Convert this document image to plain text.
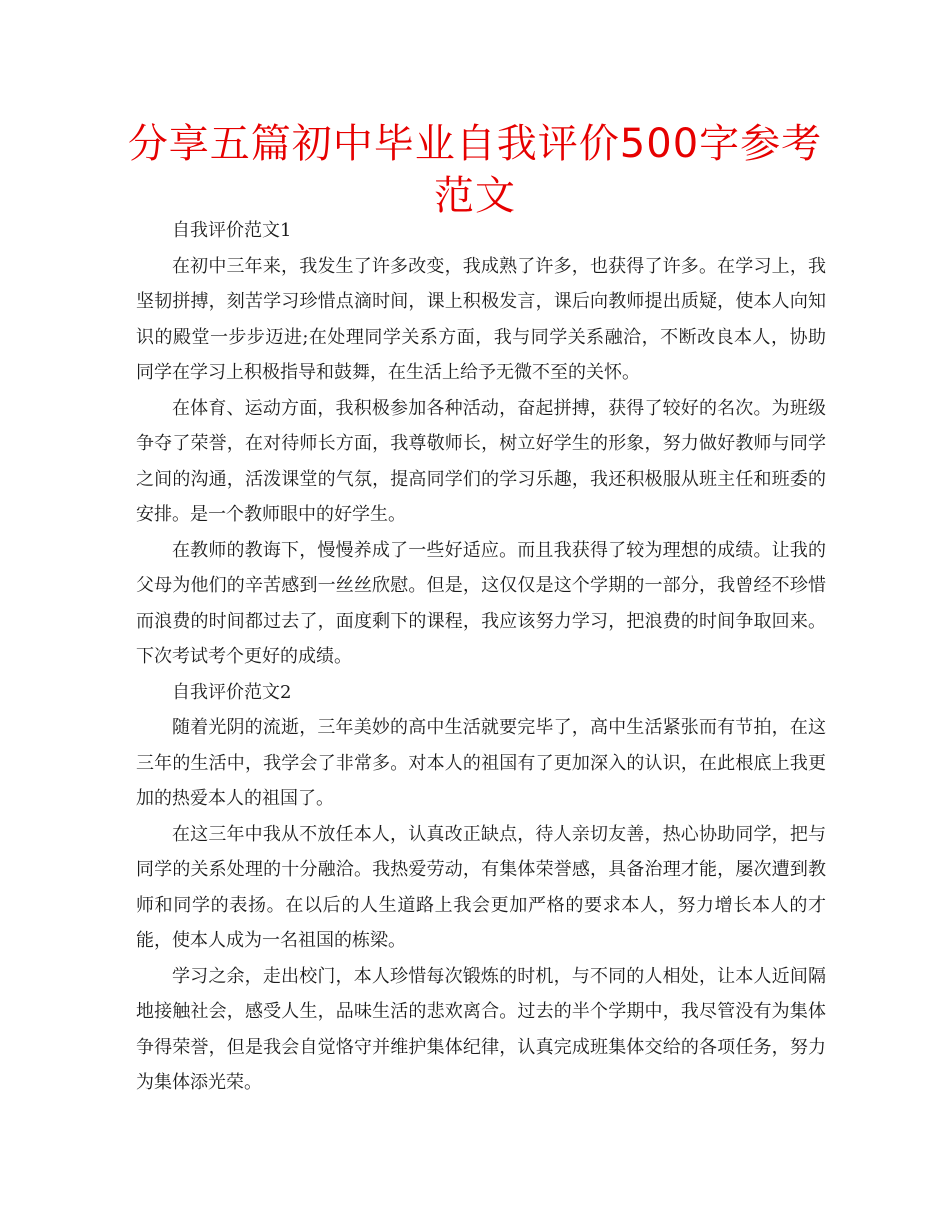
分享五篇初中毕业自我评价500字参考范文

自我评价范文1

在初中三年来，我发生了许多改变，我成熟了许多，也获得了许多。在学习上，我坚韧拼搏，刻苦学习珍惜点滴时间，课上积极发言，课后向教师提出质疑，使本人向知识的殿堂一步步迈进;在处理同学关系方面，我与同学关系融洽，不断改良本人，协助同学在学习上积极指导和鼓舞，在生活上给予无微不至的关怀。

在体育、运动方面，我积极参加各种活动，奋起拼搏，获得了较好的名次。为班级争夺了荣誉，在对待师长方面，我尊敬师长，树立好学生的形象，努力做好教师与同学之间的沟通，活泼课堂的气氛，提高同学们的学习乐趣，我还积极服从班主任和班委的安排。是一个教师眼中的好学生。

在教师的教诲下，慢慢养成了一些好适应。而且我获得了较为理想的成绩。让我的父母为他们的辛苦感到一丝丝欣慰。但是，这仅仅是这个学期的一部分，我曾经不珍惜而浪费的时间都过去了，面度剩下的课程，我应该努力学习，把浪费的时间争取回来。下次考试考个更好的成绩。

自我评价范文2

随着光阴的流逝，三年美妙的高中生活就要完毕了，高中生活紧张而有节拍，在这三年的生活中，我学会了非常多。对本人的祖国有了更加深入的认识，在此根底上我更加的热爱本人的祖国了。

在这三年中我从不放任本人，认真改正缺点，待人亲切友善，热心协助同学，把与同学的关系处理的十分融洽。我热爱劳动，有集体荣誉感，具备治理才能，屡次遭到教师和同学的表扬。在以后的人生道路上我会更加严格的要求本人，努力增长本人的才能，使本人成为一名祖国的栋梁。

学习之余，走出校门，本人珍惜每次锻炼的时机，与不同的人相处，让本人近间隔地接触社会，感受人生，品味生活的悲欢离合。过去的半个学期中，我尽管没有为集体争得荣誉，但是我会自觉恪守并维护集体纪律，认真完成班集体交给的各项任务，努力为集体添光荣。
